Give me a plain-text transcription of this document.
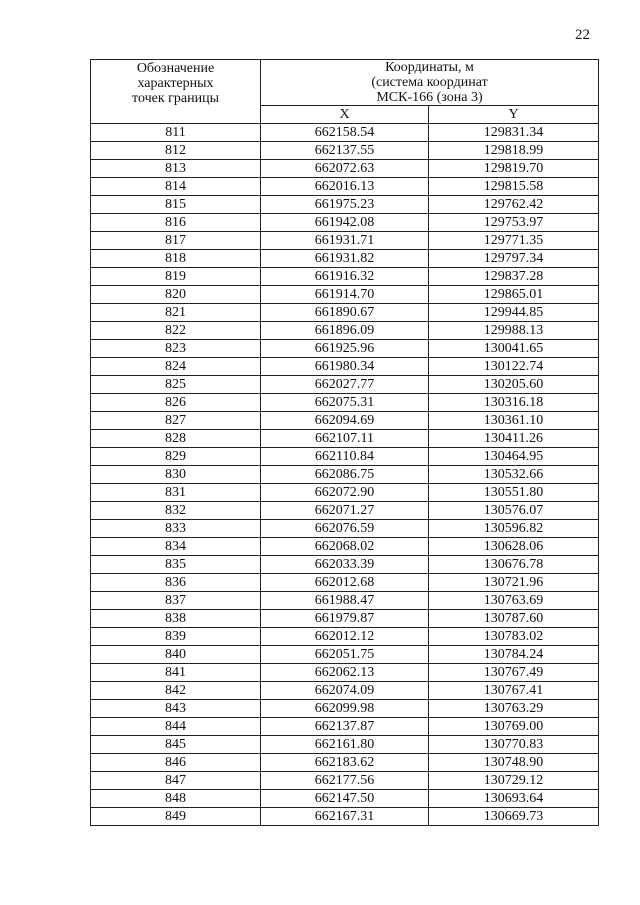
22
Обозначение
характерных
точек границы	Координаты, м
(система координат
МСК-166 (зона 3)	

	X	Y
811	662158.54	129831.34
812	662137.55	129818.99
813	662072.63	129819.70
814	662016.13	129815.58
815	661975.23	129762.42
816	661942.08	129753.97
817	661931.71	129771.35
818	661931.82	129797.34
819	661916.32	129837.28
820	661914.70	129865.01
821	661890.67	129944.85
822	661896.09	129988.13
823	661925.96	130041.65
824	661980.34	130122.74
825	662027.77	130205.60
826	662075.31	130316.18
827	662094.69	130361.10
828	662107.11	130411.26
829	662110.84	130464.95
830	662086.75	130532.66
831	662072.90	130551.80
832	662071.27	130576.07
833	662076.59	130596.82
834	662068.02	130628.06
835	662033.39	130676.78
836	662012.68	130721.96
837	661988.47	130763.69
838	661979.87	130787.60
839	662012.12	130783.02
840	662051.75	130784.24
841	662062.13	130767.49
842	662074.09	130767.41
843	662099.98	130763.29
844	662137.87	130769.00
845	662161.80	130770.83
846	662183.62	130748.90
847	662177.56	130729.12
848	662147.50	130693.64
849	662167.31	130669.73
